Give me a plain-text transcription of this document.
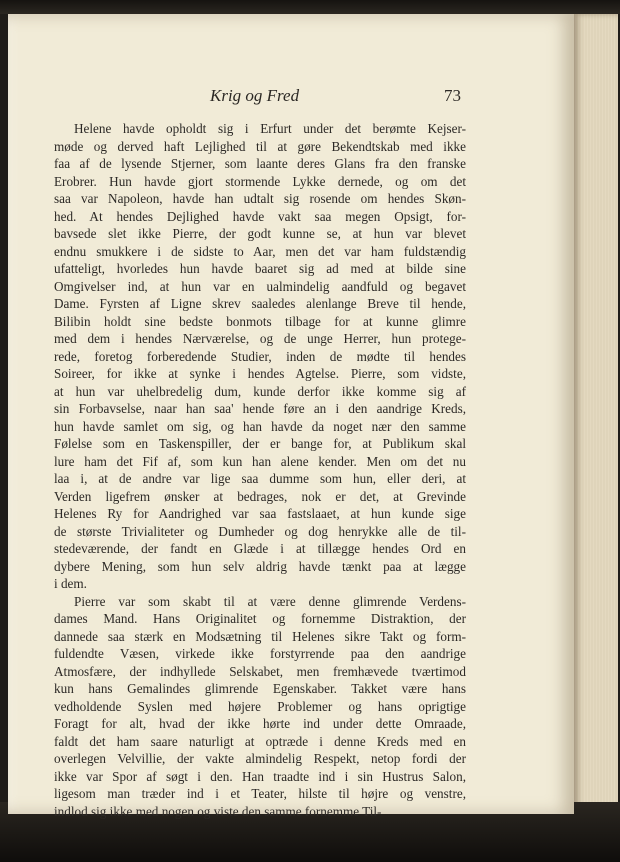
Krig og Fred	73
Helene havde opholdt sig i Erfurt under det berømte Kejser-
møde og derved haft Lejlighed til at gøre Bekendtskab med ikke
faa af de lysende Stjerner, som laante deres Glans fra den franske
Erobrer. Hun havde gjort stormende Lykke dernede, og om det
saa var Napoleon, havde han udtalt sig rosende om hendes Skøn-
hed. At hendes Dejlighed havde vakt saa megen Opsigt, for-
bavsede slet ikke Pierre, der godt kunne se, at hun var blevet
endnu smukkere i de sidste to Aar, men det var ham fuldstændig
ufatteligt, hvorledes hun havde baaret sig ad med at bilde sine
Omgivelser ind, at hun var en ualmindelig aandfuld og begavet
Dame. Fyrsten af Ligne skrev saaledes alenlange Breve til hende,
Bilibin holdt sine bedste bonmots tilbage for at kunne glimre
med dem i hendes Nærværelse, og de unge Herrer, hun protege-
rede, foretog forberedende Studier, inden de mødte til hendes
Soireer, for ikke at synke i hendes Agtelse. Pierre, som vidste,
at hun var uhelbredelig dum, kunde derfor ikke komme sig af
sin Forbavselse, naar han saa' hende føre an i den aandrige Kreds,
hun havde samlet om sig, og han havde da noget nær den samme
Følelse som en Taskenspiller, der er bange for, at Publikum skal
lure ham det Fif af, som kun han alene kender. Men om det nu
laa i, at de andre var lige saa dumme som hun, eller deri, at
Verden ligefrem ønsker at bedrages, nok er det, at Grevinde
Helenes Ry for Aandrighed var saa fastslaaet, at hun kunde sige
de største Trivialiteter og Dumheder og dog henrykke alle de til-
stedeværende, der fandt en Glæde i at tillægge hendes Ord en
dybere Mening, som hun selv aldrig havde tænkt paa at lægge
i dem.
Pierre var som skabt til at være denne glimrende Verdens-
dames Mand. Hans Originalitet og fornemme Distraktion, der
dannede saa stærk en Modsætning til Helenes sikre Takt og form-
fuldendte Væsen, virkede ikke forstyrrende paa den aandrige
Atmosfære, der indhyllede Selskabet, men fremhævede tværtimod
kun hans Gemalindes glimrende Egenskaber. Takket være hans
vedholdende Syslen med højere Problemer og hans oprigtige
Foragt for alt, hvad der ikke hørte ind under dette Omraade,
faldt det ham saare naturligt at optræde i denne Kreds med en
overlegen Velvillie, der vakte almindelig Respekt, netop fordi der
ikke var Spor af søgt i den. Han traadte ind i sin Hustrus Salon,
ligesom man træder ind i et Teater, hilste til højre og venstre,
indlod sig ikke med nogen og viste den samme fornemme Til-
